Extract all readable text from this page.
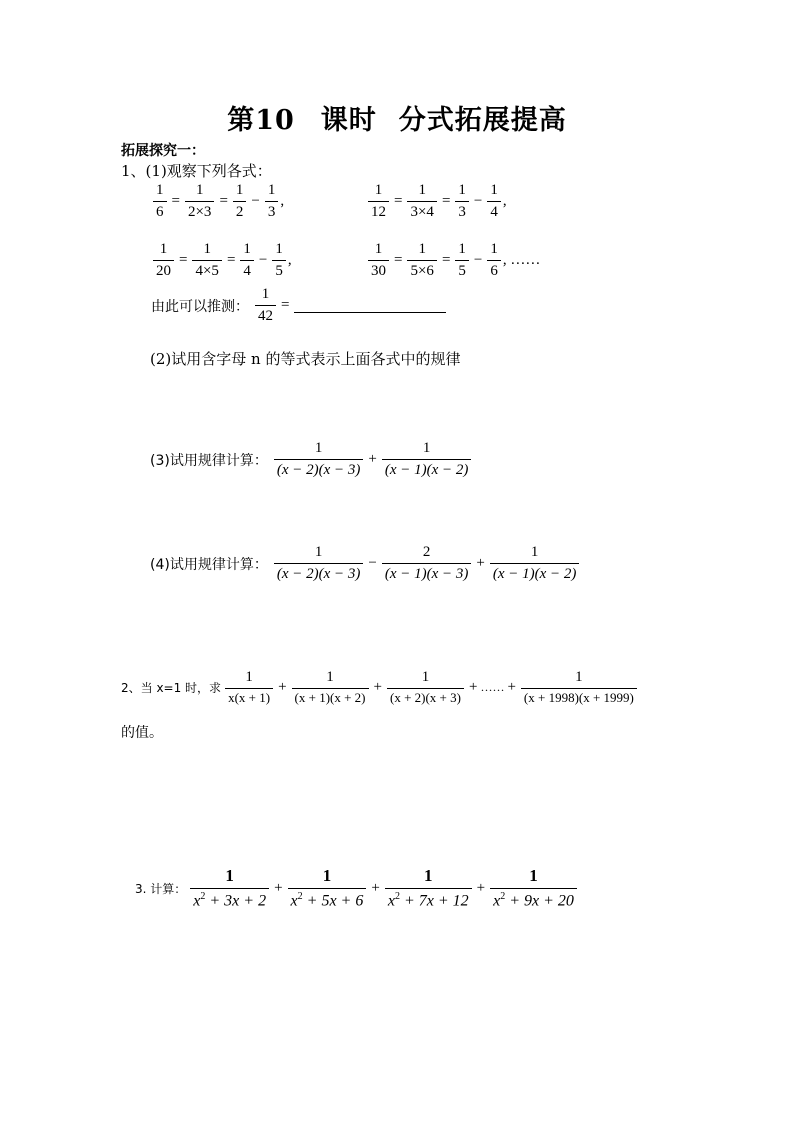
第10 课时 分式拓展提高
拓展探究一：
1、(1)观察下列各式：
$\frac{1}{6} = \frac{1}{2\times 3} = \frac{1}{2} - \frac{1}{3}$ ,	$\frac{1}{12} = \frac{1}{3\times 4} = \frac{1}{3} - \frac{1}{4}$ ,
$\frac{1}{20} = \frac{1}{4\times 5} = \frac{1}{4} - \frac{1}{5}$ ,	$\frac{1}{30} = \frac{1}{5\times 6} = \frac{1}{5} - \frac{1}{6}$ , ……
由此可以推测： $\frac{1}{42}$ =
(2)试用含字母 n 的等式表示上面各式中的规律
(3)试用规律计算： $\frac{1}{(x - 2)(x - 3)} + \frac{1}{(x - 1)(x - 2)}$
(4)试用规律计算： $\frac{1}{(x - 2)(x - 3)} - \frac{2}{(x - 1)(x - 3)} + \frac{1}{(x - 1)(x - 2)}$
2、当 x=1 时，求 $\frac{1}{x(x + 1)} + \frac{1}{(x + 1)(x + 2)} + \frac{1}{(x + 2)(x + 3)}$ + …… + $\frac{1}{(x + 1998)(x + 1999)}$
的值。
3. 计算： $\frac{1}{x^2 + 3x + 2} + \frac{1}{x^2 + 5x + 6} + \frac{1}{x^2 + 7x + 12} + \frac{1}{x^2 + 9x + 20}$
